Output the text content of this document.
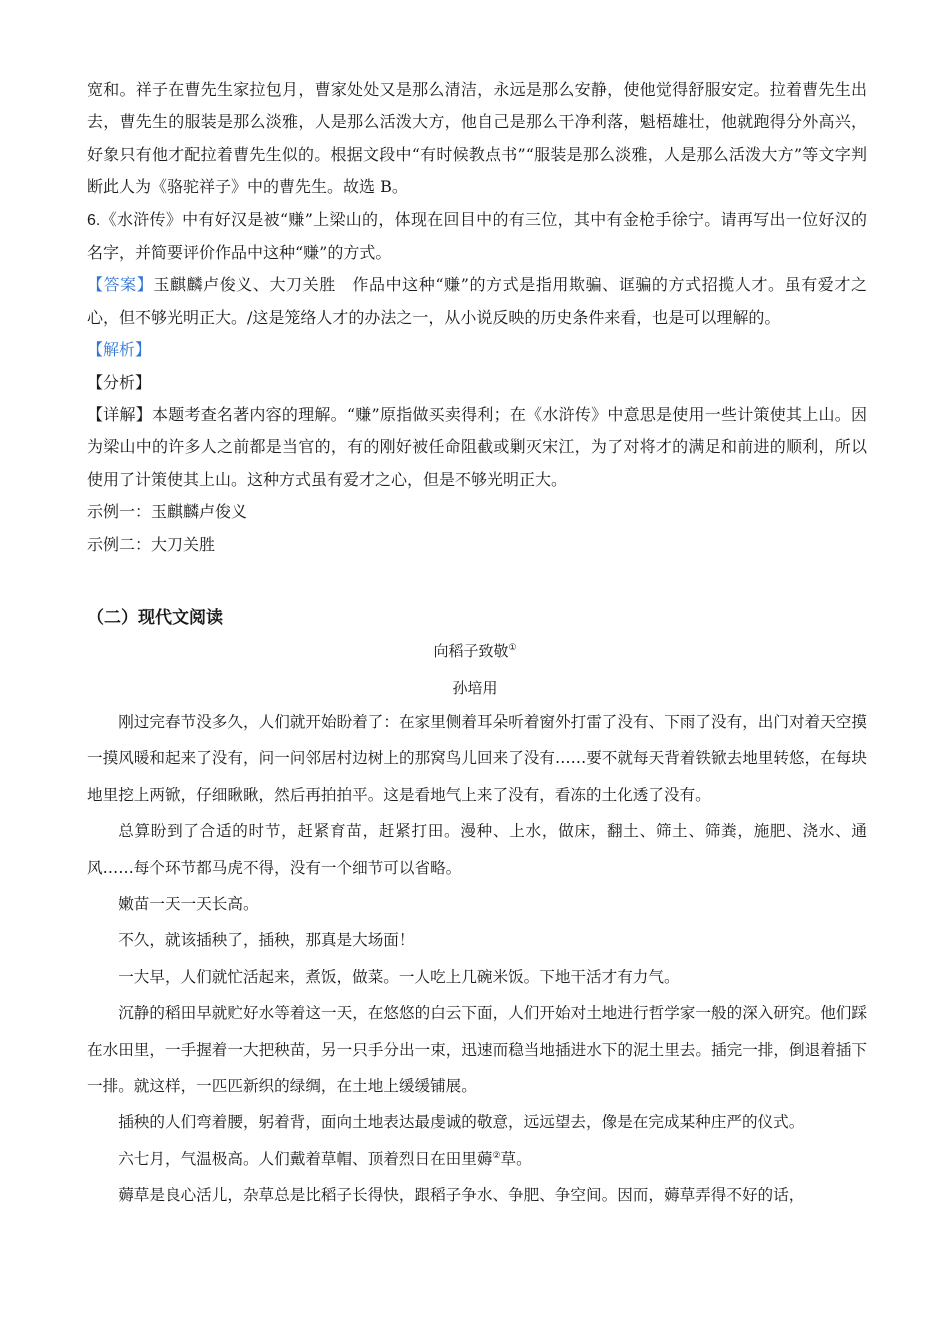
宽和。祥子在曹先生家拉包月，曹家处处又是那么清洁，永远是那么安静，使他觉得舒服安定。拉着曹先生出去，曹先生的服装是那么淡雅，人是那么活泼大方，他自己是那么干净利落，魁梧雄壮，他就跑得分外高兴，好象只有他才配拉着曹先生似的。根据文段中“有时候教点书”“服装是那么淡雅，人是那么活泼大方”等文字判断此人为《骆驼祥子》中的曹先生。故选 B。

6.《水浒传》中有好汉是被“赚”上梁山的，体现在回目中的有三位，其中有金枪手徐宁。请再写出一位好汉的名字，并简要评价作品中这种“赚”的方式。

【答案】玉麒麟卢俊义、大刀关胜　作品中这种“赚”的方式是指用欺骗、诓骗的方式招揽人才。虽有爱才之心，但不够光明正大。/这是笼络人才的办法之一，从小说反映的历史条件来看，也是可以理解的。

【解析】

【分析】

【详解】本题考查名著内容的理解。“赚”原指做买卖得利；在《水浒传》中意思是使用一些计策使其上山。因为梁山中的许多人之前都是当官的，有的刚好被任命阻截或剿灭宋江，为了对将才的满足和前进的顺利，所以使用了计策使其上山。这种方式虽有爱才之心，但是不够光明正大。

示例一：玉麒麟卢俊义

示例二：大刀关胜

（二）现代文阅读

向稻子致敬①

孙培用

刚过完春节没多久，人们就开始盼着了：在家里侧着耳朵听着窗外打雷了没有、下雨了没有，出门对着天空摸一摸风暖和起来了没有，问一问邻居村边树上的那窝鸟儿回来了没有……要不就每天背着铁锨去地里转悠，在每块地里挖上两锨，仔细瞅瞅，然后再拍拍平。这是看地气上来了没有，看冻的土化透了没有。

总算盼到了合适的时节，赶紧育苗，赶紧打田。漫种、上水，做床，翻土、筛土、筛粪，施肥、浇水、通风……每个环节都马虎不得，没有一个细节可以省略。

嫩苗一天一天长高。

不久，就该插秧了，插秧，那真是大场面！

一大早，人们就忙活起来，煮饭，做菜。一人吃上几碗米饭。下地干活才有力气。

沉静的稻田早就贮好水等着这一天，在悠悠的白云下面，人们开始对土地进行哲学家一般的深入研究。他们踩在水田里，一手握着一大把秧苗，另一只手分出一束，迅速而稳当地插进水下的泥土里去。插完一排，倒退着插下一排。就这样，一匹匹新织的绿绸，在土地上缓缓铺展。

插秧的人们弯着腰，躬着背，面向土地表达最虔诚的敬意，远远望去，像是在完成某种庄严的仪式。

六七月，气温极高。人们戴着草帽、顶着烈日在田里薅②草。

薅草是良心活儿，杂草总是比稻子长得快，跟稻子争水、争肥、争空间。因而，薅草弄得不好的话，
